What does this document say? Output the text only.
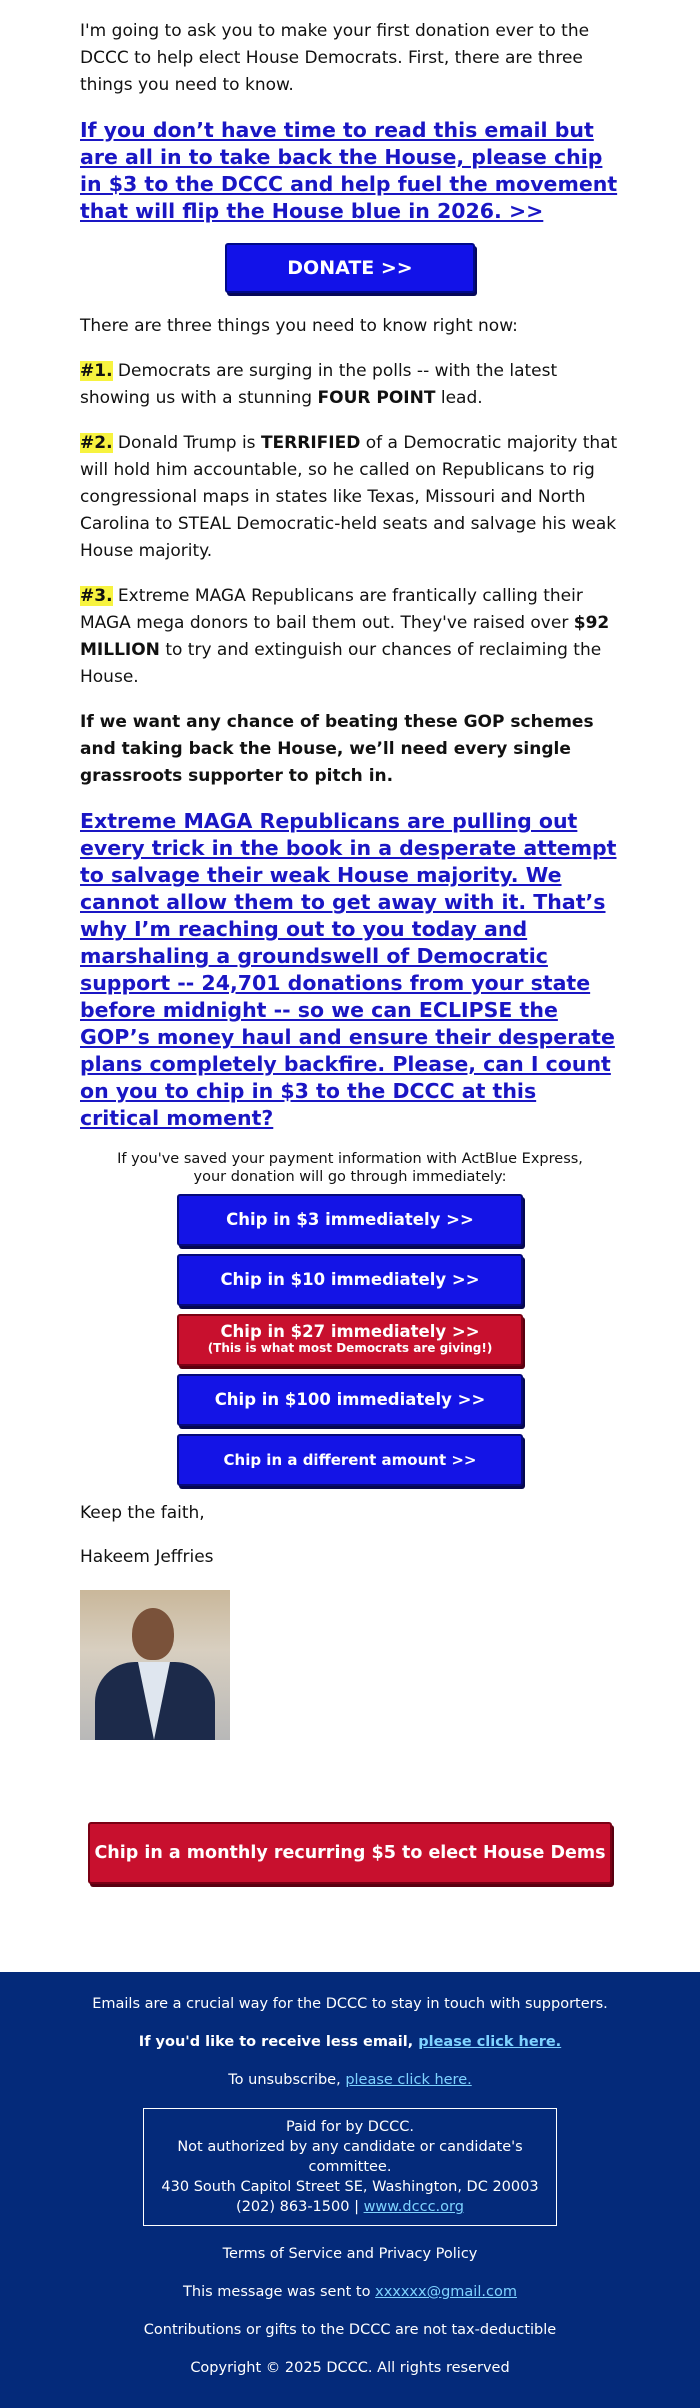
I'm going to ask you to make your first donation ever to the DCCC to help elect House Democrats. First, there are three things you need to know.

If you don’t have time to read this email but are all in to take back the House, please chip in $3 to the DCCC and help fuel the movement that will flip the House blue in 2026. >>
DONATE >>

There are three things you need to know right now:

#1. Democrats are surging in the polls -- with the latest showing us with a stunning FOUR POINT lead.

#2. Donald Trump is TERRIFIED of a Democratic majority that will hold him accountable, so he called on Republicans to rig congressional maps in states like Texas, Missouri and North Carolina to STEAL Democratic-held seats and salvage his weak House majority.

#3. Extreme MAGA Republicans are frantically calling their MAGA mega donors to bail them out. They've raised over $92 MILLION to try and extinguish our chances of reclaiming the House.

If we want any chance of beating these GOP schemes and taking back the House, we’ll need every single grassroots supporter to pitch in.

Extreme MAGA Republicans are pulling out every trick in the book in a desperate attempt to salvage their weak House majority. We cannot allow them to get away with it. That’s why I’m reaching out to you today and marshaling a groundswell of Democratic support -- 24,701 donations from your state before midnight -- so we can ECLIPSE the GOP’s money haul and ensure their desperate plans completely backfire. Please, can I count on you to chip in $3 to the DCCC at this critical moment?
If you've saved your payment information with ActBlue Express,
your donation will go through immediately:
Chip in $3 immediately >>
Chip in $10 immediately >>
Chip in $27 immediately >>
(This is what most Democrats are giving!)
Chip in $100 immediately >>
Chip in a different amount >>

Keep the faith,

Hakeem Jeffries

Chip in a monthly recurring $5 to elect House Dems >>
Emails are a crucial way for the DCCC to stay in touch with supporters.
If you'd like to receive less email, please click here.
To unsubscribe, please click here.
Paid for by DCCC.
Not authorized by any candidate or candidate's committee.
430 South Capitol Street SE, Washington, DC 20003
(202) 863-1500 | www.dccc.org
Terms of Service and Privacy Policy
This message was sent to xxxxxx@gmail.com
Contributions or gifts to the DCCC are not tax-deductible
Copyright © 2025 DCCC. All rights reserved
